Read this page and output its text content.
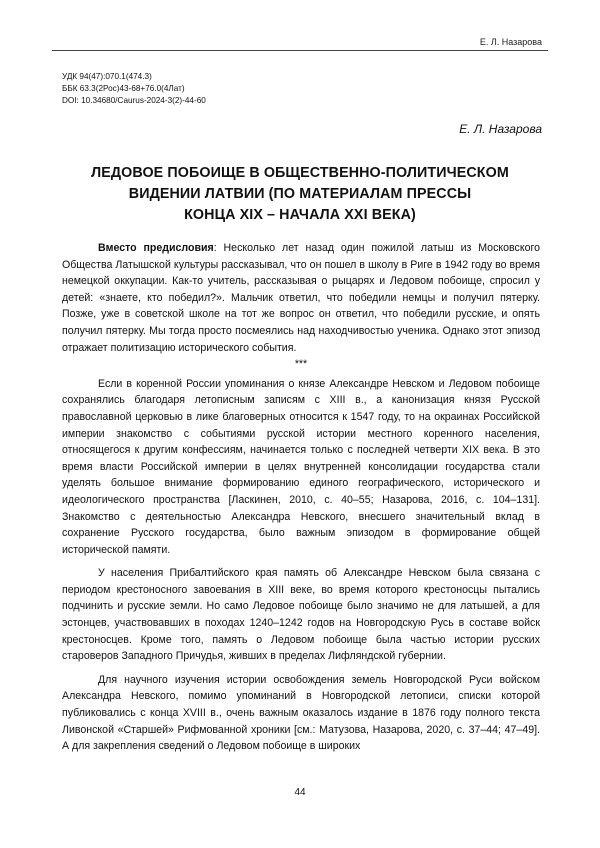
Е. Л. Назарова
УДК 94(47):070.1(474.3)
ББК 63.3(2Рос)43-68+76.0(4Лат)
DOI: 10.34680/Caurus-2024-3(2)-44-60
Е. Л. Назарова
ЛЕДОВОЕ ПОБОИЩЕ В ОБЩЕСТВЕННО-ПОЛИТИЧЕСКОМ
ВИДЕНИИ ЛАТВИИ (ПО МАТЕРИАЛАМ ПРЕССЫ
КОНЦА XIX – НАЧАЛА XXI ВЕКА)

Вместо предисловия: Несколько лет назад один пожилой латыш из Московского Общества Латышской культуры рассказывал, что он пошел в школу в Риге в 1942 году во время немецкой оккупации. Как-то учитель, рассказывая о рыцарях и Ледовом побоище, спросил у детей: «знаете, кто победил?». Мальчик ответил, что победили немцы и получил пятерку. Позже, уже в советской школе на тот же вопрос он ответил, что победили русские, и опять получил пятерку. Мы тогда просто посмеялись над находчивостью ученика. Однако этот эпизод отражает политизацию исторического события.

***

Если в коренной России упоминания о князе Александре Невском и Ледовом побоище сохранялись благодаря летописным записям с XIII в., а канонизация князя Русской православной церковью в лике благоверных относится к 1547 году, то на окраинах Российской империи знакомство с событиями русской истории местного коренного населения, относящегося к другим конфессиям, начинается только с последней четверти XIX века. В это время власти Российской империи в целях внутренней консолидации государства стали уделять большое внимание формированию единого географического, исторического и идеологического пространства [Ласкинен, 2010, с. 40–55; Назарова, 2016, с. 104–131]. Знакомство с деятельностью Александра Невского, внесшего значительный вклад в сохранение Русского государства, было важным эпизодом в формирование общей исторической памяти.

У населения Прибалтийского края память об Александре Невском была связана с периодом крестоносного завоевания в XIII веке, во время которого крестоносцы пытались подчинить и русские земли. Но само Ледовое побоище было значимо не для латышей, а для эстонцев, участвовавших в походах 1240–1242 годов на Новгородскую Русь в составе войск крестоносцев. Кроме того, память о Ледовом побоище была частью истории русских староверов Западного Причудья, живших в пределах Лифляндской губернии.

Для научного изучения истории освобождения земель Новгородской Руси войском Александра Невского, помимо упоминаний в Новгородской летописи, списки которой публиковались с конца XVIII в., очень важным оказалось издание в 1876 году полного текста Ливонской «Старшей» Рифмованной хроники [см.: Матузова, Назарова, 2020, с. 37–44; 47–49]. А для закрепления сведений о Ледовом побоище в широких

44
